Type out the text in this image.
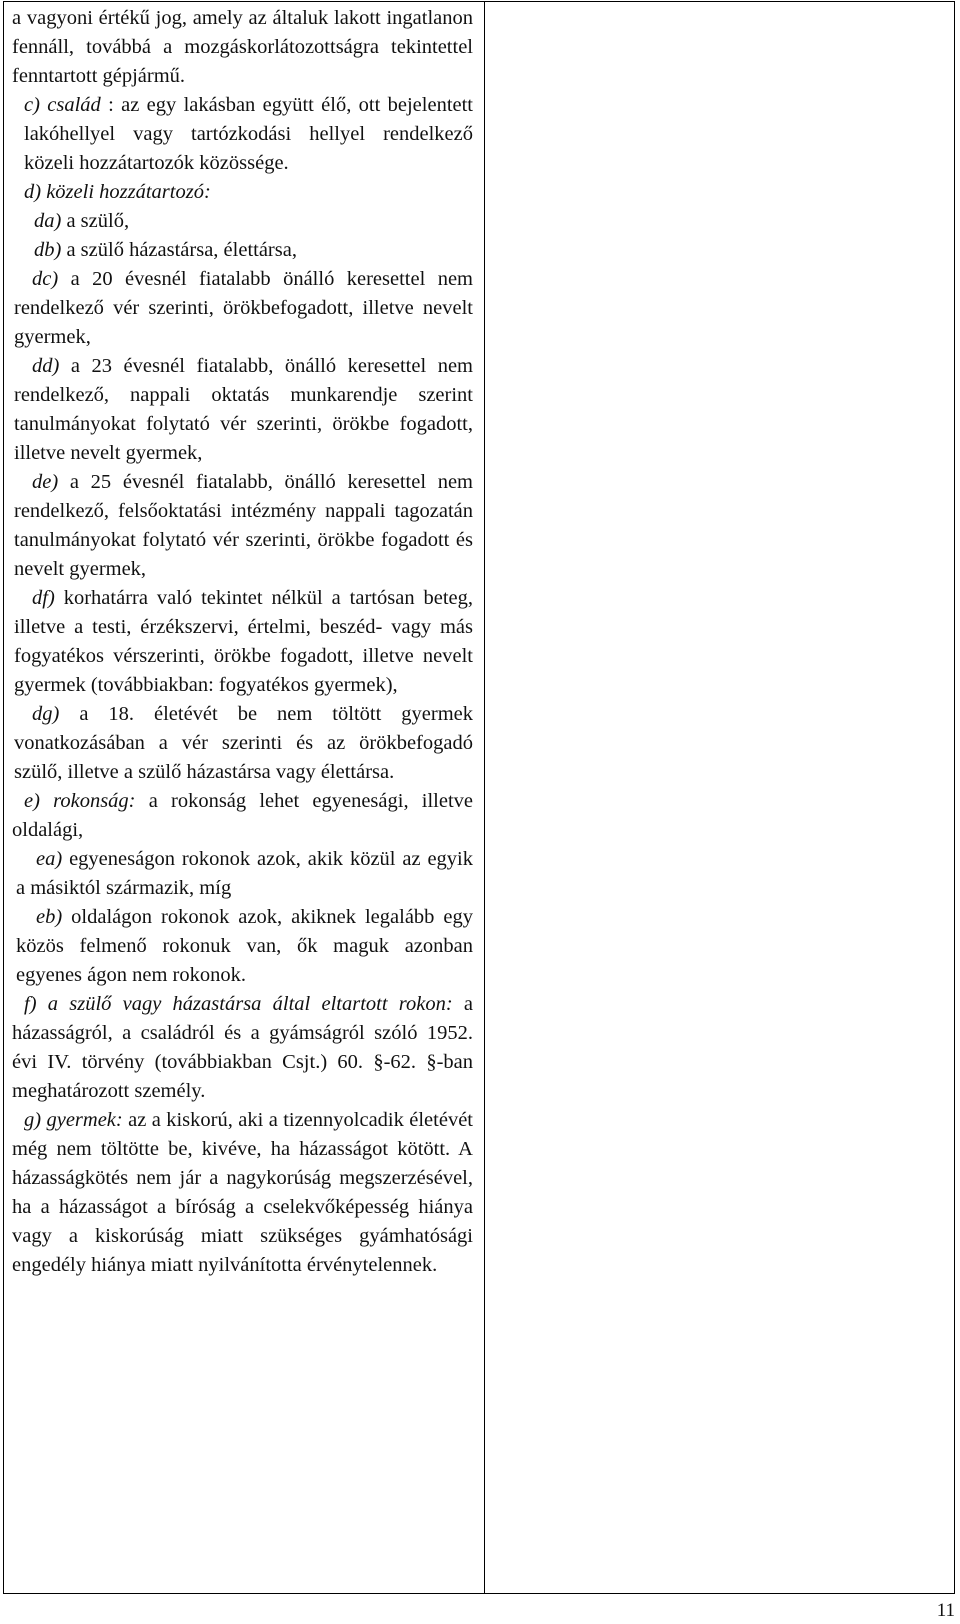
a vagyoni értékű jog, amely az általuk lakott ingatlanon fennáll, továbbá a mozgáskorlátozottságra tekintettel fenntartott gépjármű.

c) család : az egy lakásban együtt élő, ott bejelentett lakóhellyel vagy tartózkodási hellyel rendelkező közeli hozzátartozók közössége.

d) közeli hozzátartozó:

da) a szülő,

db) a szülő házastársa, élettársa,

dc) a 20 évesnél fiatalabb önálló keresettel nem rendelkező vér szerinti, örökbefogadott, illetve nevelt gyermek,

dd) a 23 évesnél fiatalabb, önálló keresettel nem rendelkező, nappali oktatás munkarendje szerint tanulmányokat folytató vér szerinti, örökbe fogadott, illetve nevelt gyermek,

de) a 25 évesnél fiatalabb, önálló keresettel nem rendelkező, felsőoktatási intézmény nappali tagozatán tanulmányokat folytató vér szerinti, örökbe fogadott és nevelt gyermek,

df) korhatárra való tekintet nélkül a tartósan beteg, illetve a testi, érzékszervi, értelmi, beszéd- vagy más fogyatékos vérszerinti, örökbe fogadott, illetve nevelt gyermek (továbbiakban: fogyatékos gyermek),

dg) a 18. életévét be nem töltött gyermek vonatkozásában a vér szerinti és az örökbefogadó szülő, illetve a szülő házastársa vagy élettársa.

e) rokonság: a rokonság lehet egyenesági, illetve oldalági,

ea) egyeneságon rokonok azok, akik közül az egyik a másiktól származik, míg

eb) oldalágon rokonok azok, akiknek legalább egy közös felmenő rokonuk van, ők maguk azonban egyenes ágon nem rokonok.

f) a szülő vagy házastársa által eltartott rokon: a házasságról, a családról és a gyámságról szóló 1952. évi IV. törvény (továbbiakban Csjt.) 60. §-62. §-ban meghatározott személy.

g) gyermek: az a kiskorú, aki a tizennyolcadik életévét még nem töltötte be, kivéve, ha házasságot kötött. A házasságkötés nem jár a nagykorúság megszerzésével, ha a házasságot a bíróság a cselekvőképesség hiánya vagy a kiskorúság miatt szükséges gyámhatósági engedély hiánya miatt nyilvánította érvénytelennek.

11
